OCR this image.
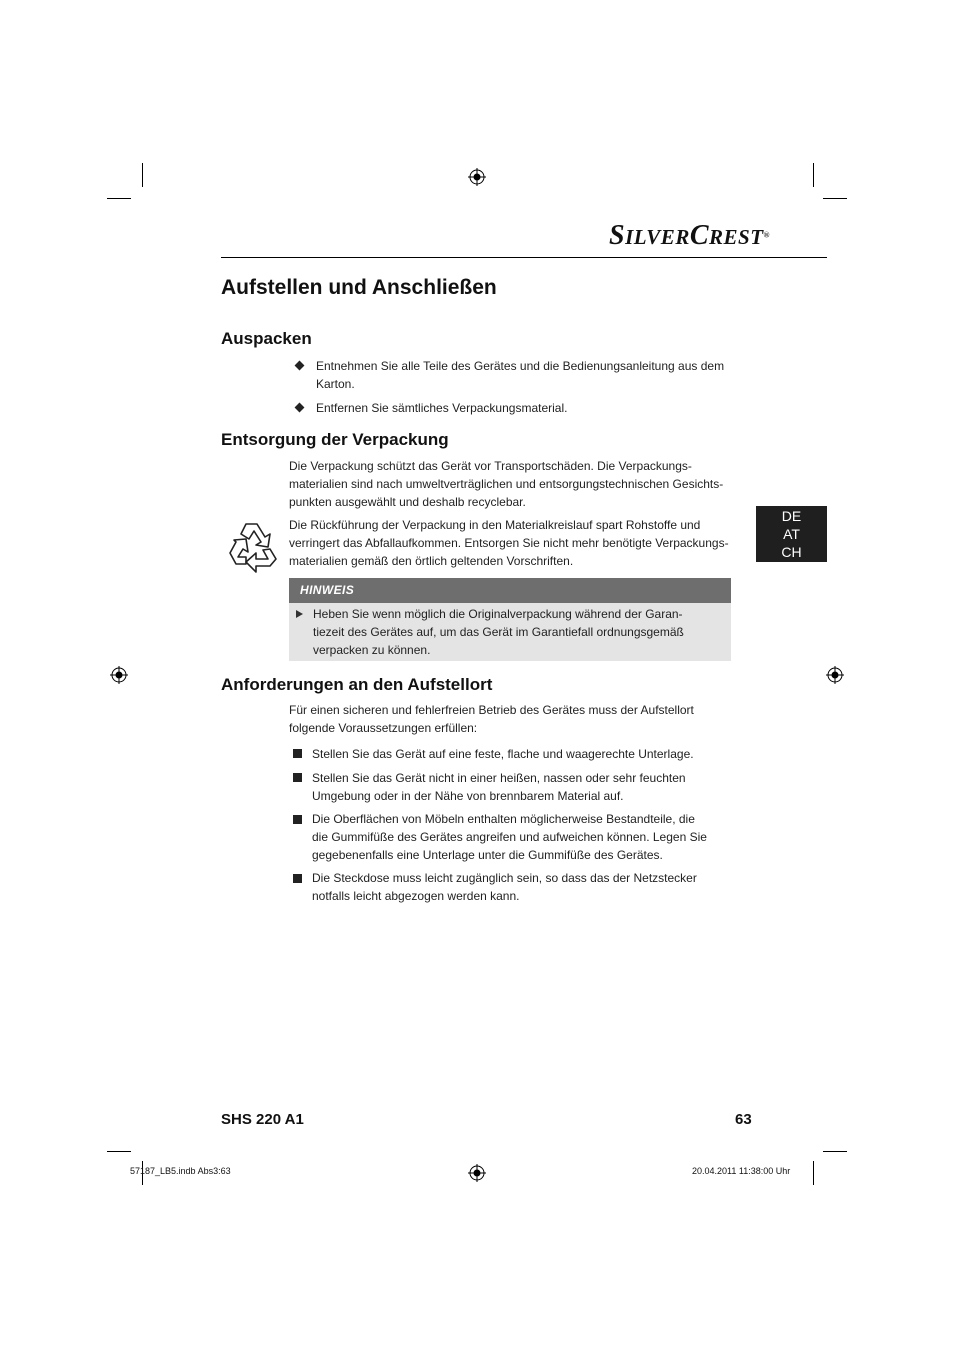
SILVERCREST®
Aufstellen und Anschließen
Auspacken
Entnehmen Sie alle Teile des Gerätes und die Bedienungsanleitung aus dem
Karton.
Entfernen Sie sämtliches Verpackungsmaterial.
Entsorgung der Verpackung
Die Verpackung schützt das Gerät vor Transportschäden. Die Verpackungs-
materialien sind nach umweltverträglichen und entsorgungstechnischen Gesichts-
punkten ausgewählt und deshalb recyclebar.
Die Rückführung der Verpackung in den Materialkreislauf spart Rohstoffe und
verringert das Abfallaufkommen. Entsorgen Sie nicht mehr benötigte Verpackungs-
materialien gemäß den örtlich geltenden Vorschriften.
HINWEIS
Heben Sie wenn möglich die Originalverpackung während der Garan-
tiezeit des Gerätes auf, um das Gerät im Garantiefall ordnungsgemäß
verpacken zu können.
Anforderungen an den Aufstellort
Für einen sicheren und fehlerfreien Betrieb des Gerätes muss der Aufstellort
folgende Voraussetzungen erfüllen:
Stellen Sie das Gerät auf eine feste, flache und waagerechte Unterlage.
Stellen Sie das Gerät nicht in einer heißen, nassen oder sehr feuchten
Umgebung oder in der Nähe von brennbarem Material auf.
Die Oberflächen von Möbeln enthalten möglicherweise Bestandteile, die
die Gummifüße des Gerätes angreifen und aufweichen können. Legen Sie
gegebenenfalls eine Unterlage unter die Gummifüße des Gerätes.
Die Steckdose muss leicht zugänglich sein, so dass das der Netzstecker
notfalls leicht abgezogen werden kann.
DE
AT
CH
SHS 220 A1	63
57187_LB5.indb Abs3:63	20.04.2011 11:38:00 Uhr
